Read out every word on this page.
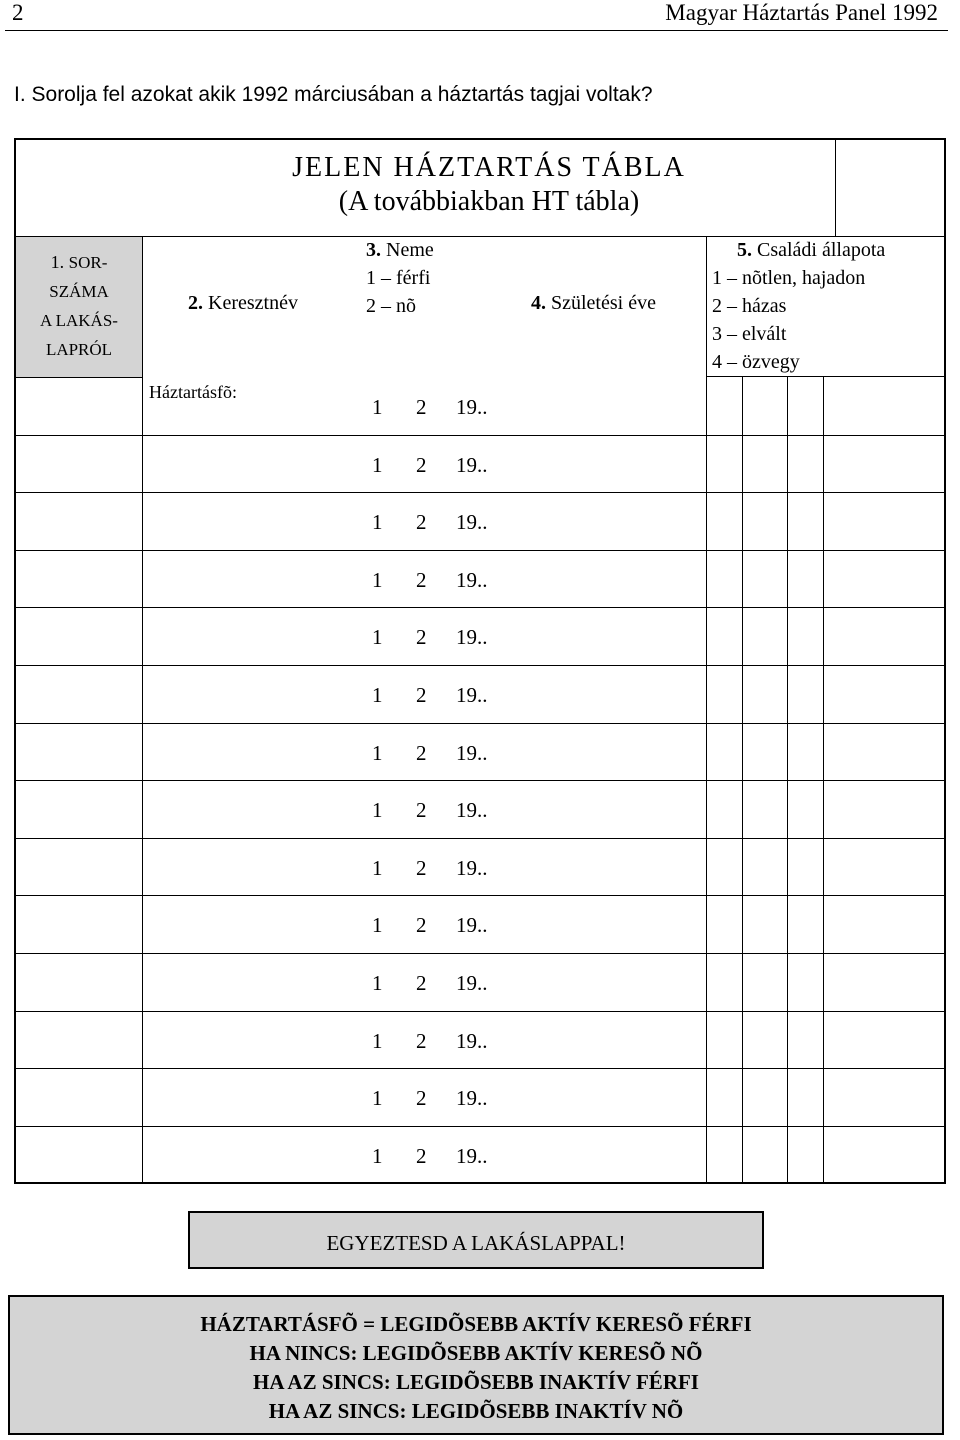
2	Magyar Háztartás Panel 1992
I. Sorolja fel azokat akik 1992 márciusában a háztartás tagjai voltak?
JELEN HÁZTARTÁS TÁBLA
(A továbbiakban HT tábla)
1. SOR-
SZÁMA
A LAKÁS-
LAPRÓL
2. Keresztnév
3. Neme
1 – férfi
2 – nõ	4. Születési éve
5. Családi állapota
1 – nõtlen, hajadon
2 – házas
3 – elvált
4 – özvegy
Háztartásfõ:
1 2 19..
1 2 19..
1 2 19..
1 2 19..
1 2 19..
1 2 19..
1 2 19..
1 2 19..
1 2 19..
1 2 19..
1 2 19..
1 2 19..
1 2 19..
1 2 19..
EGYEZTESD A LAKÁSLAPPAL!
HÁZTARTÁSFÕ = LEGIDÕSEBB AKTÍV KERESÕ FÉRFI
HA NINCS: LEGIDÕSEBB AKTÍV KERESÕ NÕ
HA AZ SINCS: LEGIDÕSEBB INAKTÍV FÉRFI
HA AZ SINCS: LEGIDÕSEBB INAKTÍV NÕ
